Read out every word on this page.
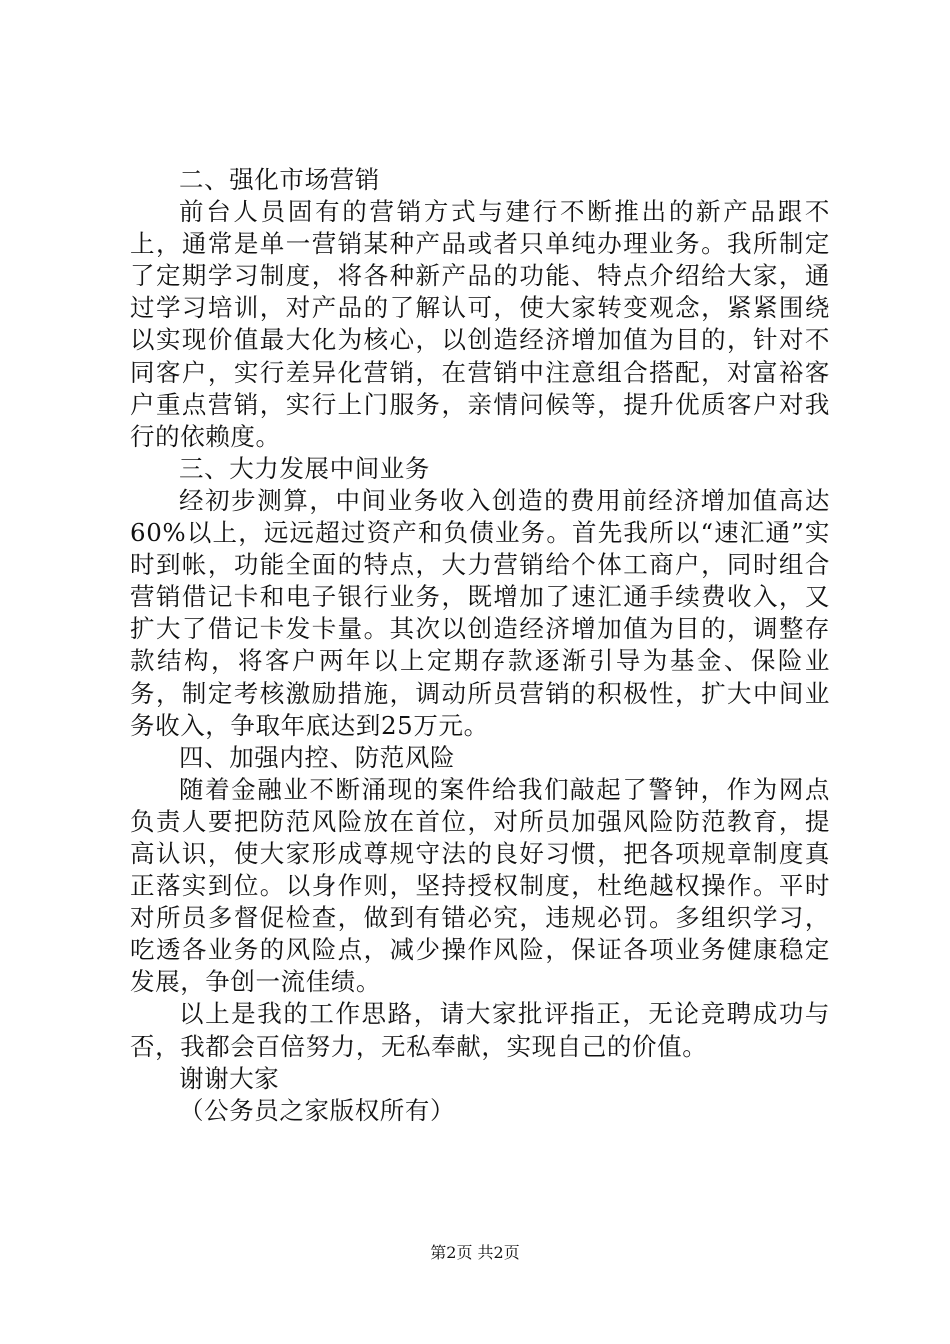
二、强化市场营销

前台人员固有的营销方式与建行不断推出的新产品跟不上，通常是单一营销某种产品或者只单纯办理业务。我所制定了定期学习制度，将各种新产品的功能、特点介绍给大家，通过学习培训，对产品的了解认可，使大家转变观念，紧紧围绕以实现价值最大化为核心，以创造经济增加值为目的，针对不同客户，实行差异化营销，在营销中注意组合搭配，对富裕客户重点营销，实行上门服务，亲情问候等，提升优质客户对我行的依赖度。

三、大力发展中间业务

经初步测算，中间业务收入创造的费用前经济增加值高达60%以上，远远超过资产和负债业务。首先我所以“速汇通”实时到帐，功能全面的特点，大力营销给个体工商户，同时组合营销借记卡和电子银行业务，既增加了速汇通手续费收入，又扩大了借记卡发卡量。其次以创造经济增加值为目的，调整存款结构，将客户两年以上定期存款逐渐引导为基金、保险业务，制定考核激励措施，调动所员营销的积极性，扩大中间业务收入，争取年底达到25万元。

四、加强内控、防范风险

随着金融业不断涌现的案件给我们敲起了警钟，作为网点负责人要把防范风险放在首位，对所员加强风险防范教育，提高认识，使大家形成尊规守法的良好习惯，把各项规章制度真正落实到位。以身作则，坚持授权制度，杜绝越权操作。平时对所员多督促检查，做到有错必究，违规必罚。多组织学习，吃透各业务的风险点，减少操作风险，保证各项业务健康稳定发展，争创一流佳绩。

以上是我的工作思路，请大家批评指正，无论竞聘成功与否，我都会百倍努力，无私奉献，实现自己的价值。

谢谢大家

（公务员之家版权所有）

第2页 共2页
